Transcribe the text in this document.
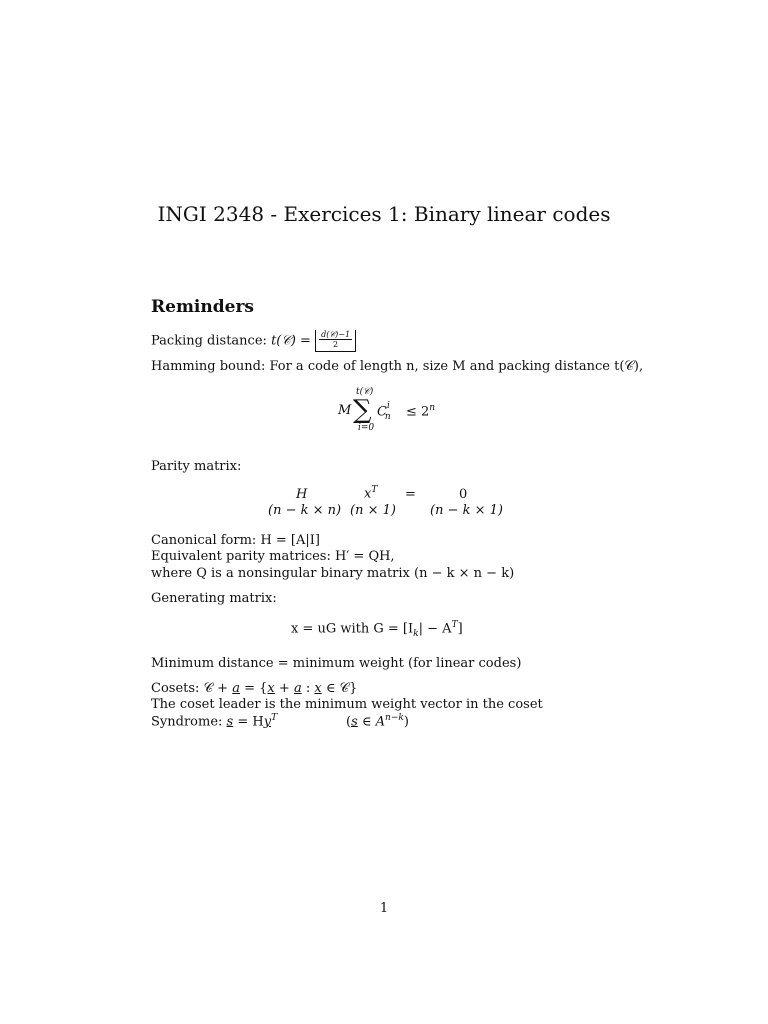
INGI 2348 - Exercices 1: Binary linear codes
Reminders
Packing distance: t(𝒞) = $\frac{\text{d(𝒞)−1}}{2}$
Hamming bound: For a code of length n, size M and packing distance t(𝒞),
M
t(𝒞)
∑
i=0
$C^i_n$	≤ $2^n$
Parity matrix:
H	$x^T$ =	0
(n − k × n) (n × 1)	(n − k × 1)
Canonical form: H = [A|I]
Equivalent parity matrices: H′ = QH,
where Q is a nonsingular binary matrix (n − k × n − k)
Generating matrix:
x = uG with $G = [I_k| - A^T]$
Minimum distance = minimum weight (for linear codes)
Cosets: 𝒞 + a = {x + a : x ∈ 𝒞}
The coset leader is the minimum weight vector in the coset
Syndrome: $s = Hy^T$	(s ∈ $A^{n-k}$)
1
